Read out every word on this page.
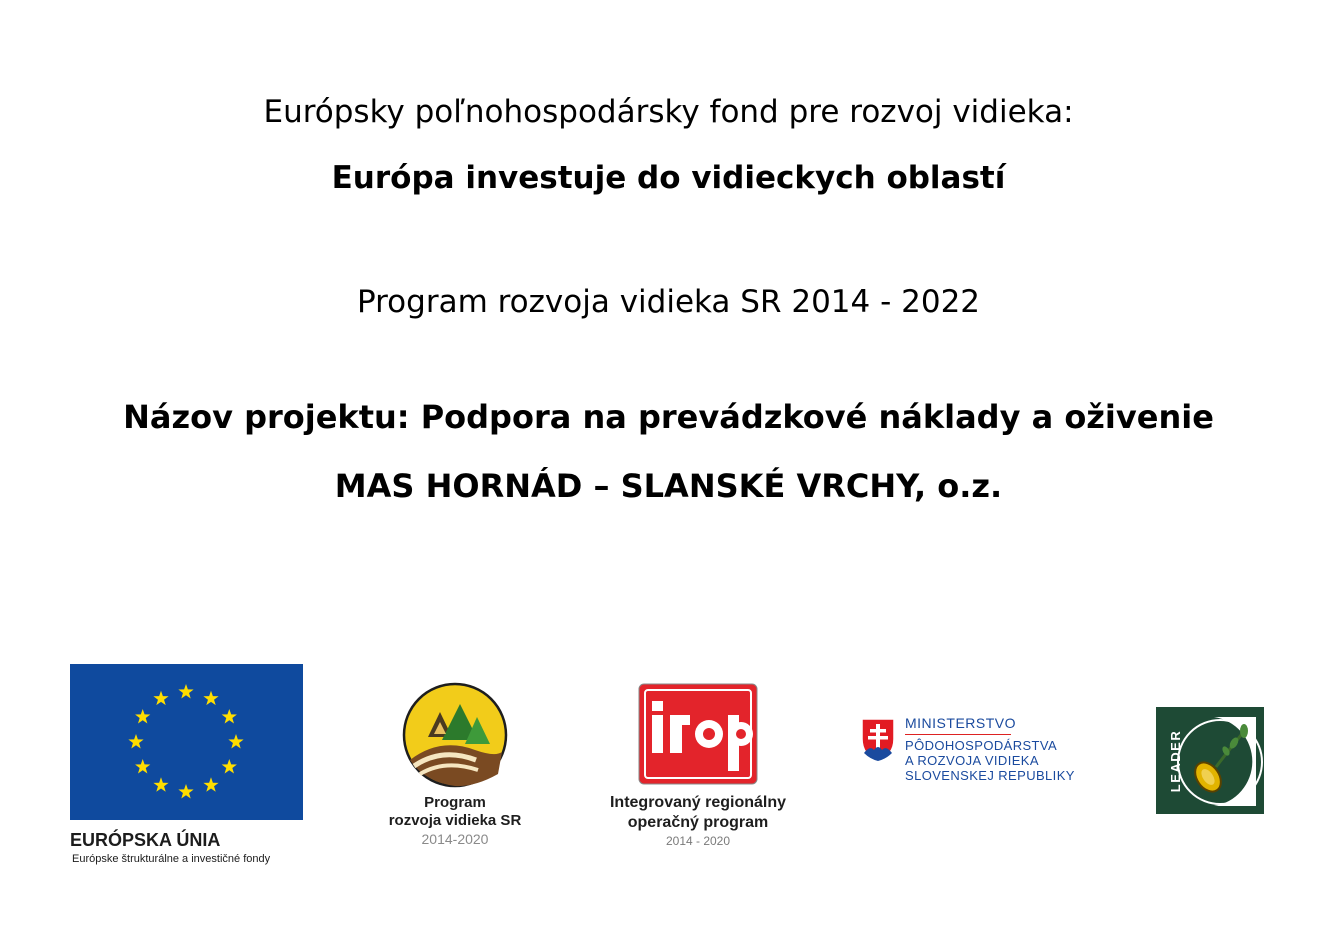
Európsky poľnohospodársky fond pre rozvoj vidieka:
Európa investuje do vidieckych oblastí
Program rozvoja vidieka SR 2014 - 2022
Názov projektu: Podpora na prevádzkové náklady a oživenie
MAS HORNÁD – SLANSKÉ VRCHY, o.z.
EURÓPSKA ÚNIA
Európske štrukturálne a investičné fondy
Program
rozvoja vidieka SR
2014-2020
Integrovaný regionálny
operačný program
2014 - 2020
MINISTERSTVO
PÔDOHOSPODÁRSTVA
A ROZVOJA VIDIEKA
SLOVENSKEJ REPUBLIKY	LEADER
